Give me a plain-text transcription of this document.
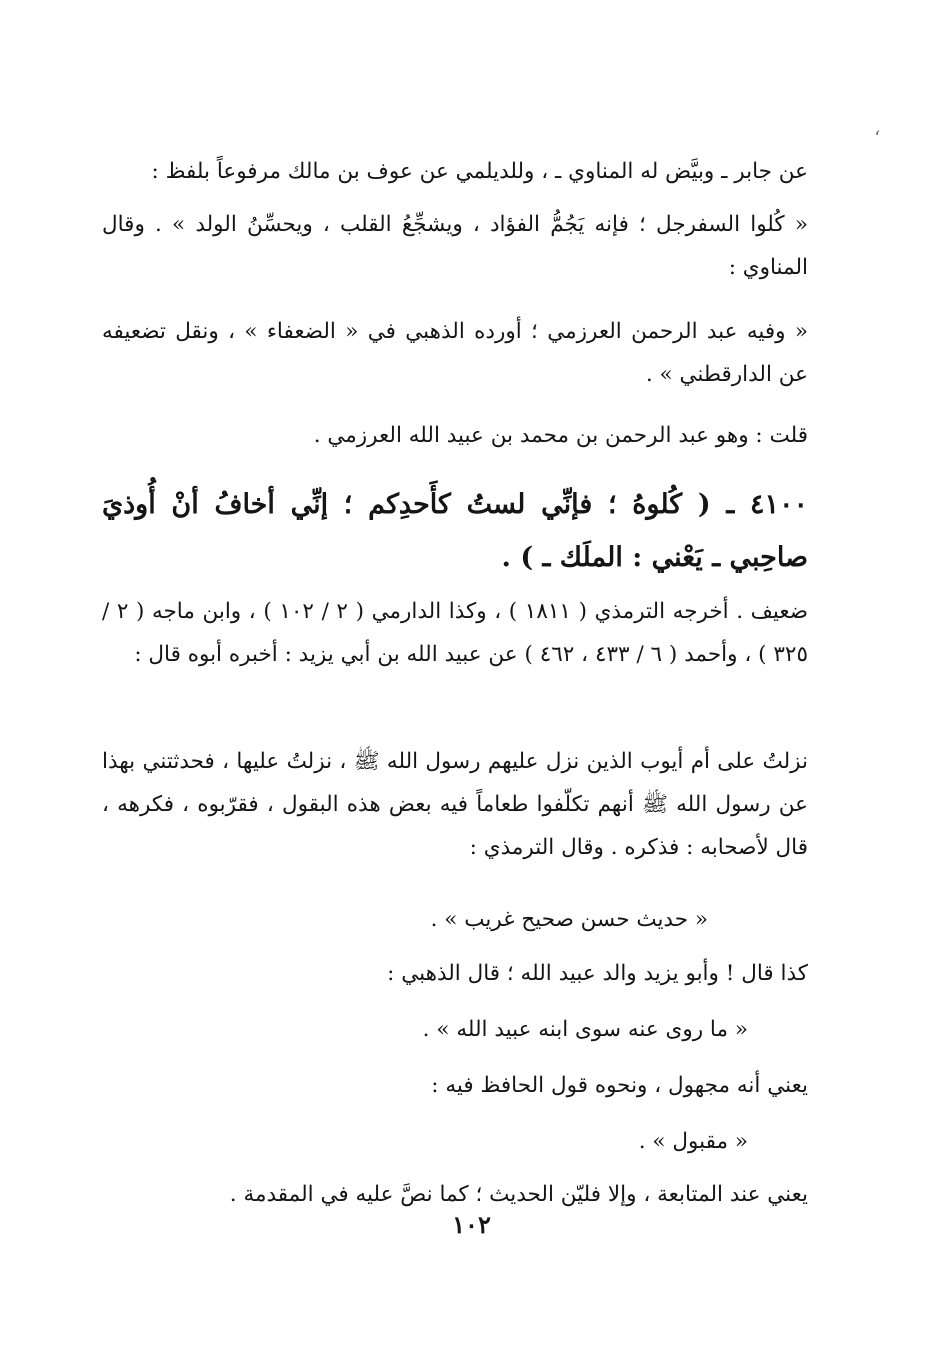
ʻ
عن جابر ـ وبيَّض له المناوي ـ ، وللديلمي عن عوف بن مالك مرفوعاً بلفظ :
« كُلوا السفرجل ؛ فإنه يَجُمُّ الفؤاد ، ويشجِّعُ القلب ، ويحسِّنُ الولد » . وقال المناوي :
« وفيه عبد الرحمن العرزمي ؛ أورده الذهبي في « الضعفاء » ، ونقل تضعيفه عن الدارقطني » .
قلت : وهو عبد الرحمن بن محمد بن عبيد الله العرزمي .
٤١٠٠ ـ ( كُلوهُ ؛ فإنِّي لستُ كأَحدِكم ؛ إنِّي أخافُ أنْ أُوذيَ صاحِبي ـ يَعْني : الملَك ـ ) .
ضعيف . أخرجه الترمذي ( ١٨١١ ) ، وكذا الدارمي ( ٢ / ١٠٢ ) ، وابن ماجه ( ٢ / ٣٢٥ ) ، وأحمد ( ٦ / ٤٣٣ ، ٤٦٢ ) عن عبيد الله بن أبي يزيد : أخبره أبوه قال :
نزلتُ على أم أيوب الذين نزل عليهم رسول الله ﷺ ، نزلتُ عليها ، فحدثتني بهذا عن رسول الله ﷺ أنهم تكلّفوا طعاماً فيه بعض هذه البقول ، فقرّبوه ، فكرهه ، قال لأصحابه : فذكره . وقال الترمذي :
« حديث حسن صحيح غريب » .
كذا قال ! وأبو يزيد والد عبيد الله ؛ قال الذهبي :
« ما روى عنه سوى ابنه عبيد الله » .
يعني أنه مجهول ، ونحوه قول الحافظ فيه :
« مقبول » .
يعني عند المتابعة ، وإلا فليّن الحديث ؛ كما نصَّ عليه في المقدمة .
١٠٢
